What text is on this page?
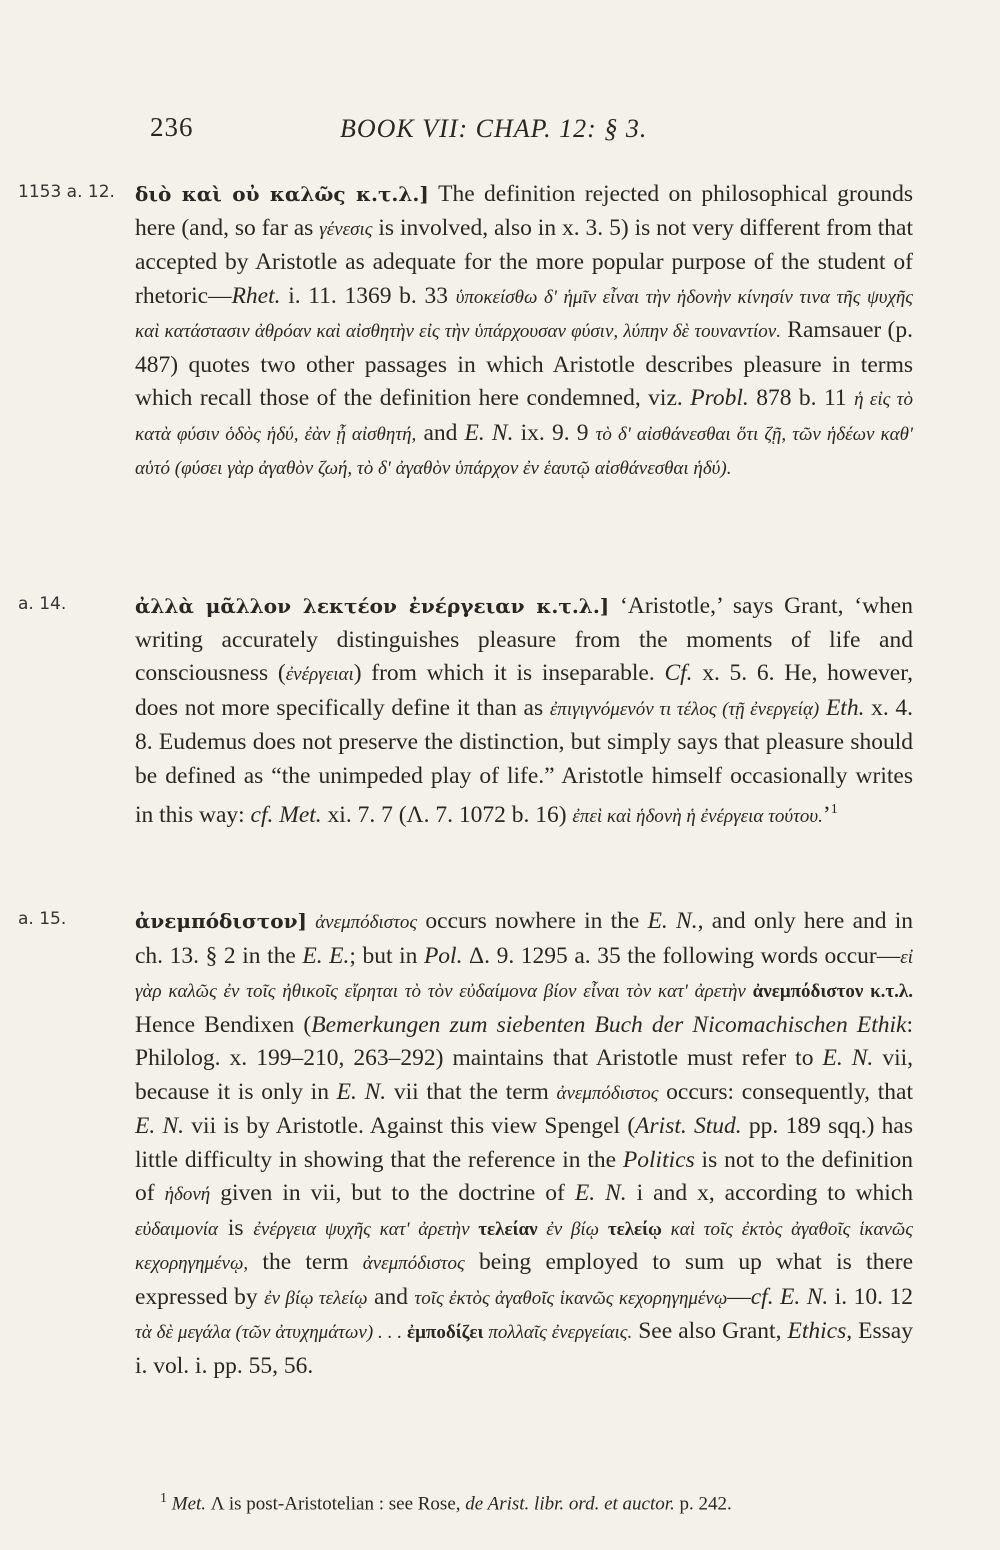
236	BOOK VII: CHAP. 12: § 3.
1153 a. 12. διὸ καὶ οὐ καλῶς κ.τ.λ.] The definition rejected on philosophical grounds here (and, so far as γένεσις is involved, also in x. 3. 5) is not very different from that accepted by Aristotle as adequate for the more popular purpose of the student of rhetoric—Rhet. i. 11. 1369 b. 33 ὑποκείσθω δ' ἡμῖν εἶναι τὴν ἡδονὴν κίνησίν τινα τῆς ψυχῆς καὶ κατάστασιν ἀθρόαν καὶ αἰσθητὴν εἰς τὴν ὑπάρχουσαν φύσιν, λύπην δὲ τουναντίον. Ramsauer (p. 487) quotes two other passages in which Aristotle describes pleasure in terms which recall those of the definition here condemned, viz. Probl. 878 b. 11 ἡ εἰς τὸ κατὰ φύσιν ὁδὸς ἡδύ, ἐὰν ᾖ αἰσθητή, and E. N. ix. 9. 9 τὸ δ' αἰσθάνεσθαι ὅτι ζῇ, τῶν ἡδέων καθ' αὑτό (φύσει γὰρ ἀγαθὸν ζωή, τὸ δ' ἀγαθὸν ὑπάρχον ἐν ἑαυτῷ αἰσθάνεσθαι ἡδύ).
a. 14.	ἀλλὰ μᾶλλον λεκτέον ἐνέργειαν κ.τ.λ.] ‘Aristotle,’ says Grant, ‘when writing accurately distinguishes pleasure from the moments of life and consciousness (ἐνέργειαι) from which it is inseparable. Cf. x. 5. 6. He, however, does not more specifically define it than as ἐπιγιγνόμενόν τι τέλος (τῇ ἐνεργείᾳ) Eth. x. 4. 8. Eudemus does not preserve the distinction, but simply says that pleasure should be defined as “the unimpeded play of life.” Aristotle himself occasionally writes in this way: cf. Met. xi. 7. 7 (Λ. 7. 1072 b. 16) ἐπεὶ καὶ ἡδονὴ ἡ ἐνέργεια τούτου.’$^1$
a. 15.	ἀνεμπόδιστον] ἀνεμπόδιστος occurs nowhere in the E. N., and only here and in ch. 13. § 2 in the E. E.; but in Pol. Δ. 9. 1295 a. 35 the following words occur—εἰ γὰρ καλῶς ἐν τοῖς ἠθικοῖς εἴρηται τὸ τὸν εὐδαίμονα βίον εἶναι τὸν κατ' ἀρετὴν ἀνεμπόδιστον κ.τ.λ. Hence Bendixen (Bemerkungen zum siebenten Buch der Nicomachischen Ethik: Philolog. x. 199–210, 263–292) maintains that Aristotle must refer to E. N. vii, because it is only in E. N. vii that the term ἀνεμπόδιστος occurs: consequently, that E. N. vii is by Aristotle. Against this view Spengel (Arist. Stud. pp. 189 sqq.) has little difficulty in showing that the reference in the Politics is not to the definition of ἡδονή given in vii, but to the doctrine of E. N. i and x, according to which εὐδαιμονία is ἐνέργεια ψυχῆς κατ' ἀρετὴν τελείαν ἐν βίῳ τελείῳ καὶ τοῖς ἐκτὸς ἀγαθοῖς ἱκανῶς κεχορηγημένῳ, the term ἀνεμπόδιστος being employed to sum up what is there expressed by ἐν βίῳ τελείῳ and τοῖς ἐκτὸς ἀγαθοῖς ἱκανῶς κεχορηγημένῳ—cf. E. N. i. 10. 12 τὰ δὲ μεγάλα (τῶν ἀτυχημάτων) . . . ἐμποδίζει πολλαῖς ἐνεργείαις. See also Grant, Ethics, Essay i. vol. i. pp. 55, 56.
$^1$ Met. Λ is post-Aristotelian : see Rose, de Arist. libr. ord. et auctor. p. 242.
